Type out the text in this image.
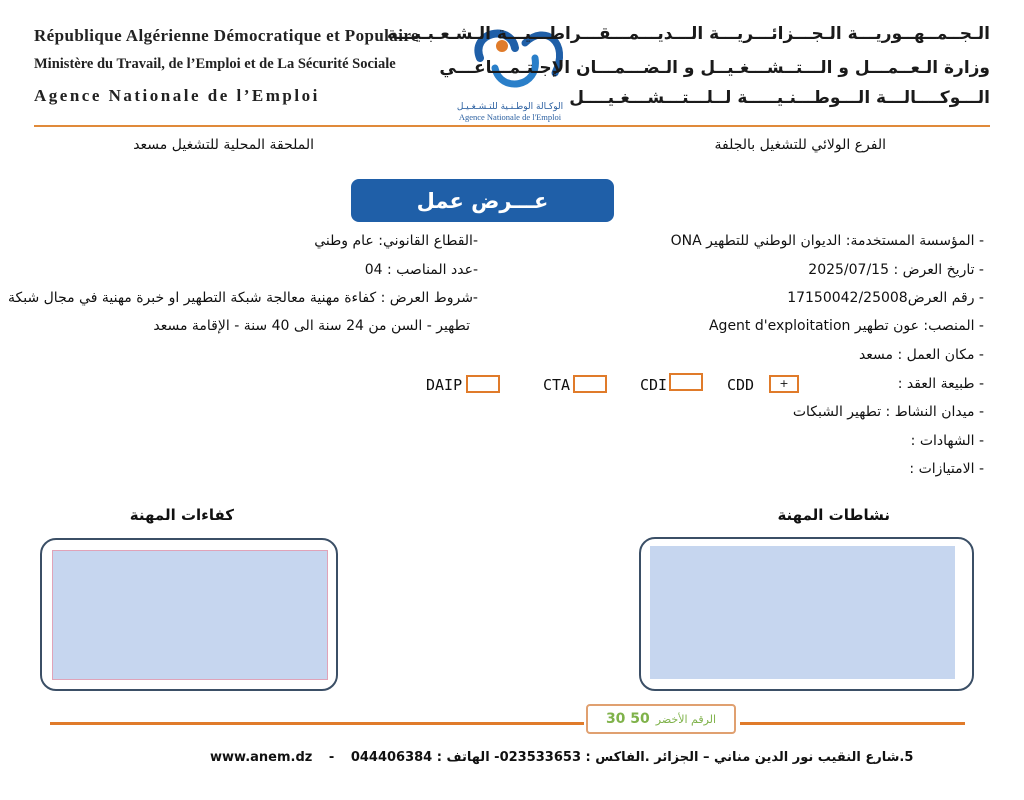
République Algérienne Démocratique et Populaire
Ministère du Travail, de l’Emploi et de La Sécurité Sociale
Agence Nationale de l’Emploi
الوكـالة الوطـنـية للتـشـغـيـل
Agence Nationale de l'Emploi
الـجــمــهــوريـــة الـجـــزائـــريـــة الـــديـــمـــقـــراطـــيـــة الـشـعـبـيـــة
وزارة الـعــمـــل و الـــتــشـــغـيــل و الـضـــمـــان الإجـتـمـــاعـــي
الـــوكــــالـــة الـــوطـــنـيـــــة لــلـــتـــشـــغـيــــل
الفرع الولائي للتشغيل بالجلفة
الملحقة المحلية للتشغيل مسعد
عـــرض عمل
- المؤسسة المستخدمة: الديوان الوطني للتطهير ONA
- تاريخ العرض : 2025/07/15
- رقم العرض17150042/25008
- المنصب: عون تطهير Agent d'exploitation
- مكان العمل : مسعد
- طبيعة العقد :
- ميدان النشاط : تطهير الشبكات
- الشهادات :
- الامتيازات :
-القطاع القانوني: عام وطني
-عدد المناصب : 04
-شروط العرض : كفاءة مهنية معالجة شبكة التطهير او خبرة مهنية في مجال شبكة
تطهير - السن من 24 سنة الى 40 سنة - الإقامة مسعد
CDD	+
CDI
CTA
DAIP
نشاطات المهنة
كفاءات المهنة
الرقم الأخضر
30 50
www.anem.dz - 5.شارع النقيب نور الدين مناني – الجزائر .الفاكس : 023533653- الهاتف : 044406384
